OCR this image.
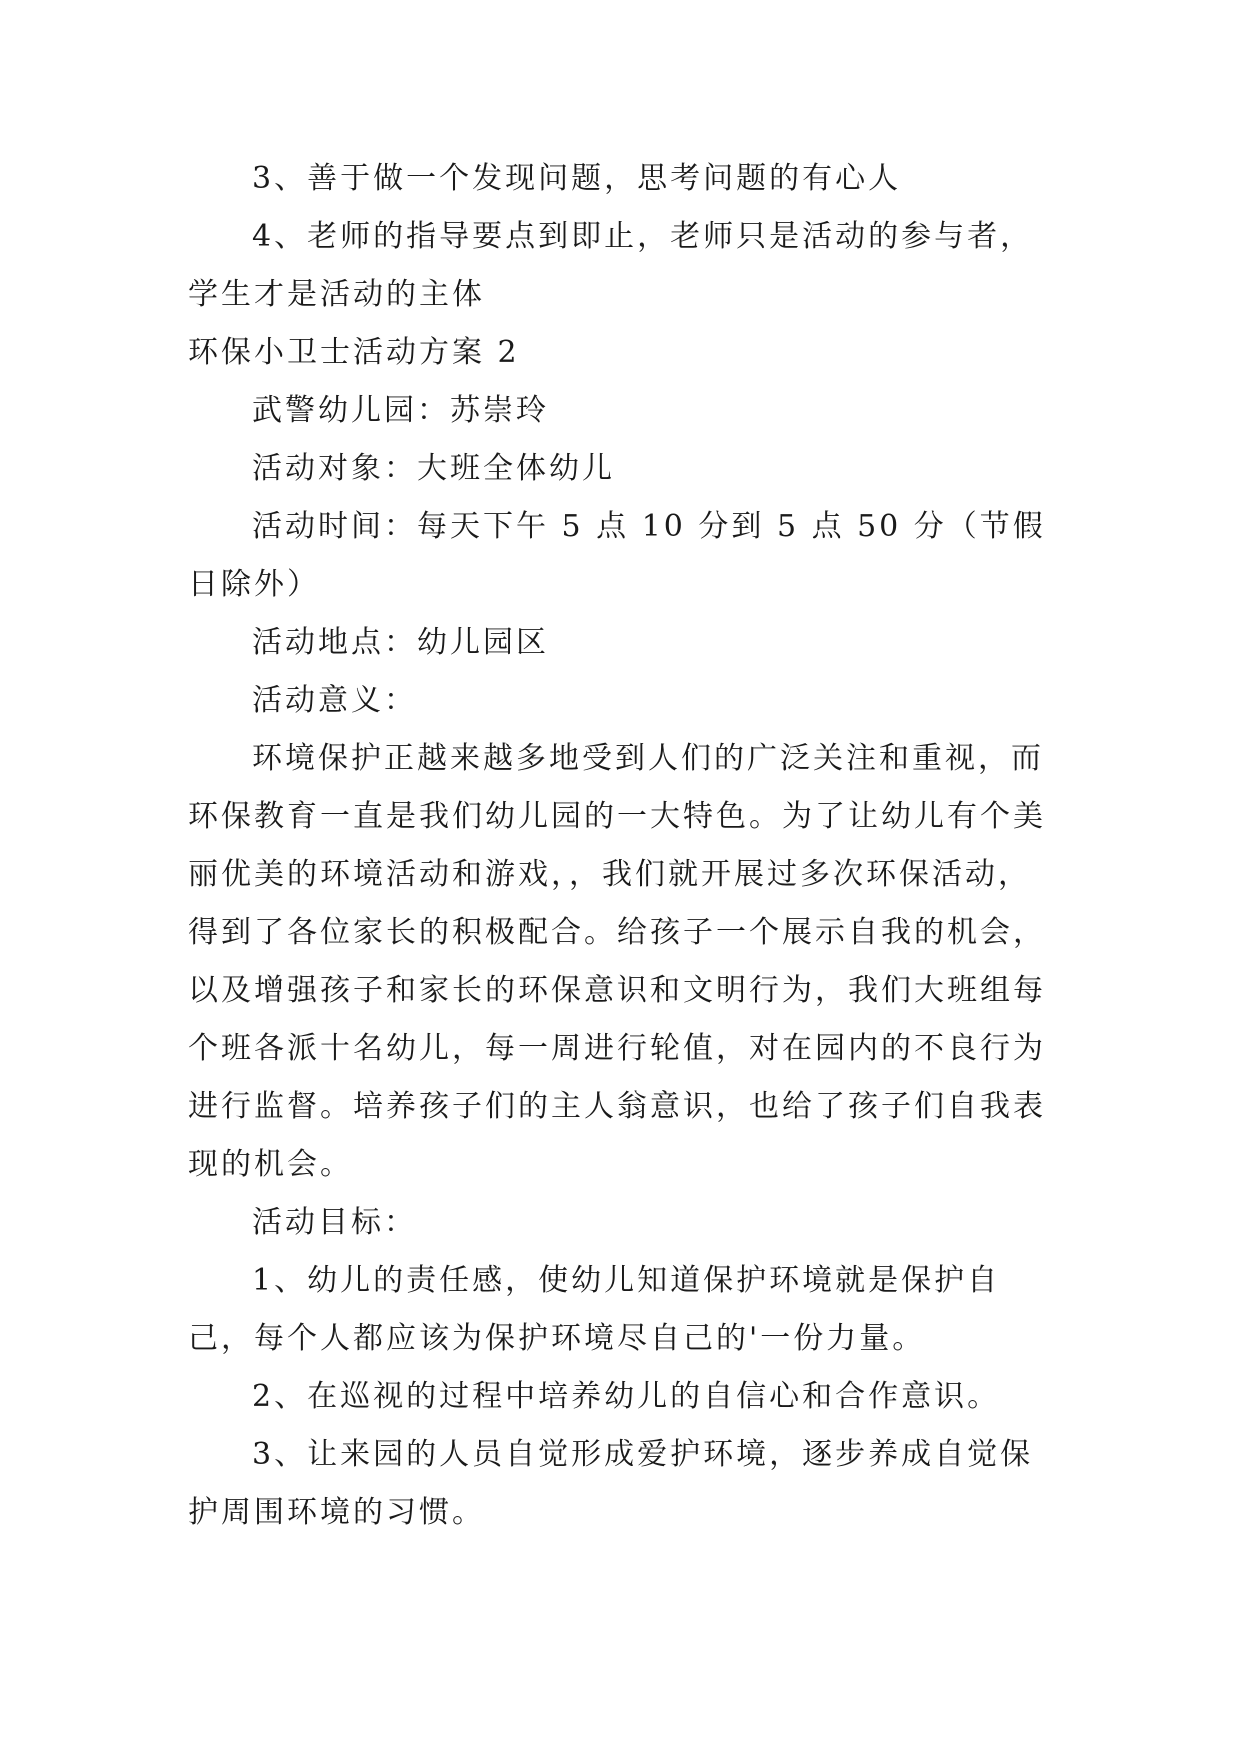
3、善于做一个发现问题，思考问题的有心人

4、老师的指导要点到即止，老师只是活动的参与者，学生才是活动的主体

环保小卫士活动方案 2

武警幼儿园：苏崇玲

活动对象：大班全体幼儿

活动时间：每天下午 5 点 10 分到 5 点 50 分（节假日除外）

活动地点：幼儿园区

活动意义：

环境保护正越来越多地受到人们的广泛关注和重视，而环保教育一直是我们幼儿园的一大特色。为了让幼儿有个美丽优美的环境活动和游戏，，我们就开展过多次环保活动，得到了各位家长的积极配合。给孩子一个展示自我的机会，以及增强孩子和家长的环保意识和文明行为，我们大班组每个班各派十名幼儿，每一周进行轮值，对在园内的不良行为进行监督。培养孩子们的主人翁意识，也给了孩子们自我表现的机会。

活动目标：

1、幼儿的责任感，使幼儿知道保护环境就是保护自己，每个人都应该为保护环境尽自己的'一份力量。

2、在巡视的过程中培养幼儿的自信心和合作意识。

3、让来园的人员自觉形成爱护环境，逐步养成自觉保护周围环境的习惯。
